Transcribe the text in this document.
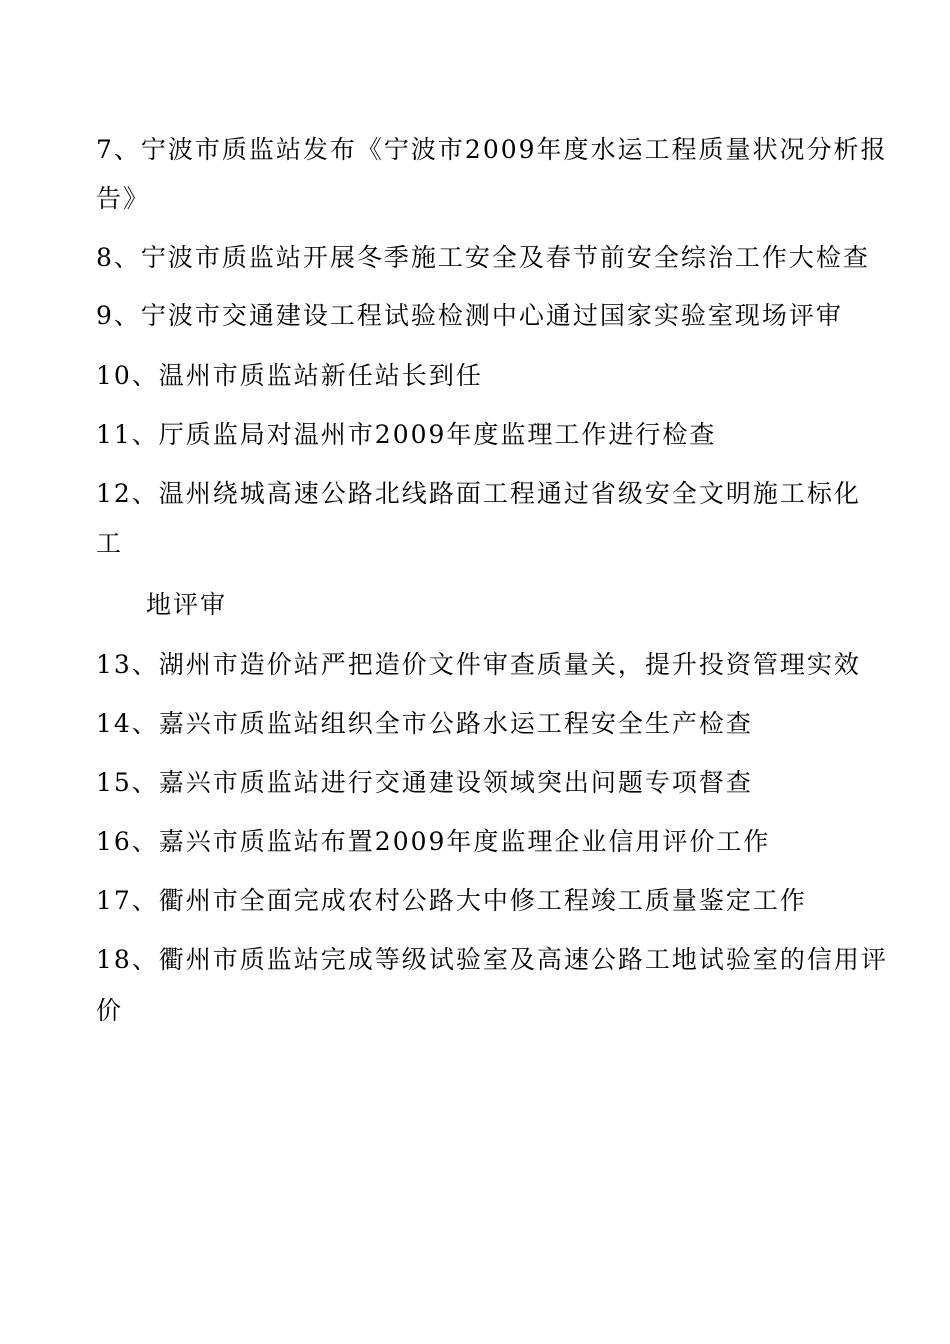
7、宁波市质监站发布《宁波市2009年度水运工程质量状况分析报
告》
8、宁波市质监站开展冬季施工安全及春节前安全综治工作大检查
9、宁波市交通建设工程试验检测中心通过国家实验室现场评审
10、温州市质监站新任站长到任
11、厅质监局对温州市2009年度监理工作进行检查
12、温州绕城高速公路北线路面工程通过省级安全文明施工标化
工
地评审
13、湖州市造价站严把造价文件审查质量关，提升投资管理实效
14、嘉兴市质监站组织全市公路水运工程安全生产检查
15、嘉兴市质监站进行交通建设领域突出问题专项督查
16、嘉兴市质监站布置2009年度监理企业信用评价工作
17、衢州市全面完成农村公路大中修工程竣工质量鉴定工作
18、衢州市质监站完成等级试验室及高速公路工地试验室的信用评
价
